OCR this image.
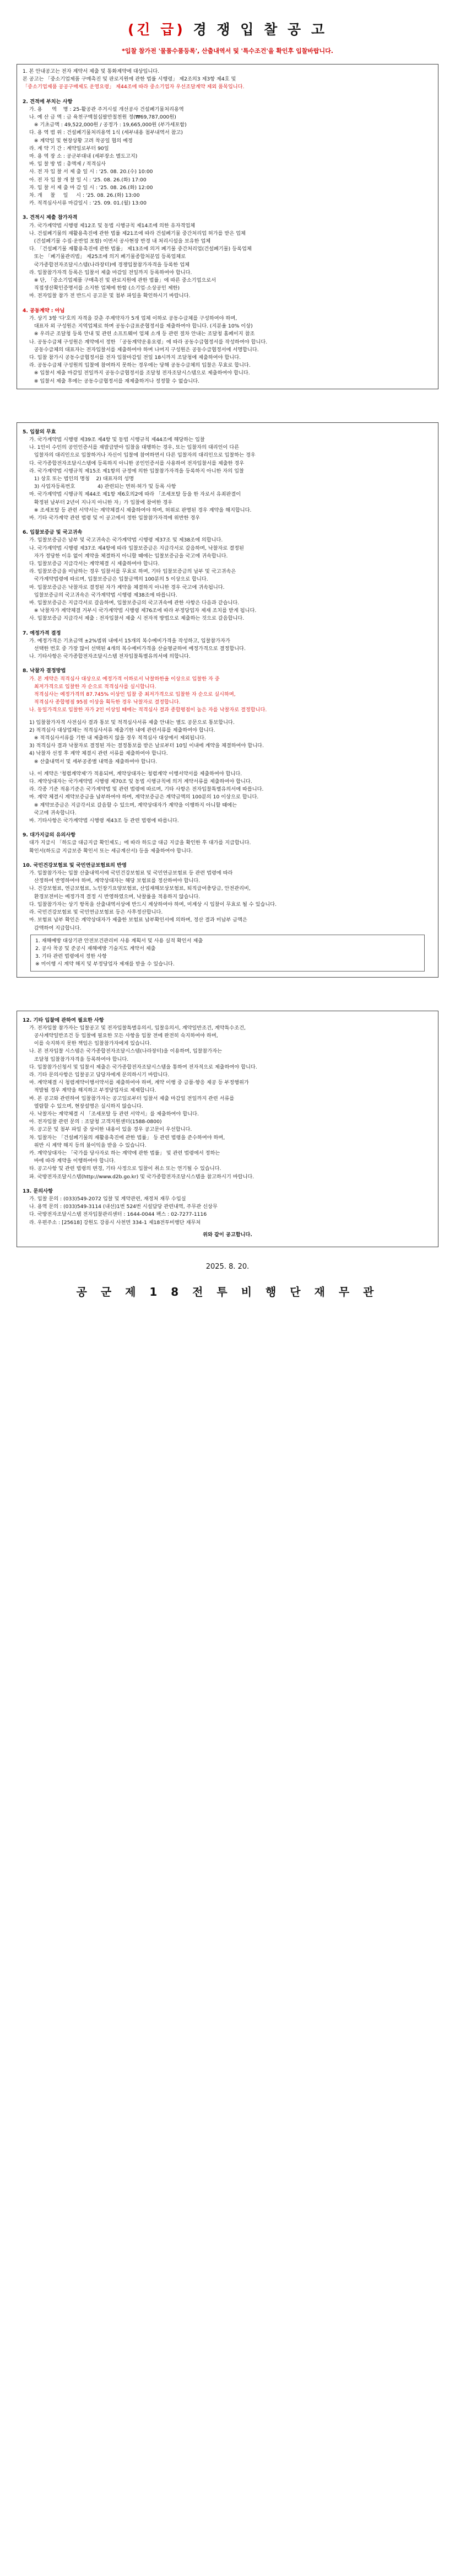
(긴 급) 경 쟁 입 찰 공 고
*입찰 참가전 '물품수품등록', 산출내역서 및 '특수조건'을 확인후 입찰바랍니다.
1. 본 안내공고는 전자 계약서 제출 및 통화계약에 대상입니다.
본 공고는 「중소기업제품 구매촉진 및 판로지원에 관한 법률 시행령」 제2조의3 제3항 제4호 및
「중소기업제품 공공구매제도 운영요령」 제44조에 따라 중소기업자 우선조달계약 제외 품목입니다.
2. 견적에 부치는 사항
가. 용      역    명 : 25-활공관 주거시설 개선공사 건설폐기물처리용역
나. 예 산 금 액 : 금 육천구백칠십팔만칠천원 정(₩69,787,000원)
※ 기초금액 : 49,522,000원 / 공정가 : 19,665,000원 (부가세포함)
다. 용 역 범 위 : 건설폐기물처리용역 1식 (세부내용 첨부내역서 참고)
※ 계약일 및 현장상황 고려 착공일 협의 예정
라. 계 약 기 간 : 계약일로부터 90일
마. 용 역 장 소 : 공군부대내 (세부장소 별도고지)
바. 입 찰 방 법 : 총액제 / 적격심사
사. 전 자 입 찰 서 제 출 일 시 : '25. 08. 20.(수) 10:00
아. 전 자 입 찰 개 찰 일 시 : '25. 08. 26.(화) 17:00
자. 입 찰 서 제 출 마 감 일 시 : '25. 08. 26.(화) 12:00
차. 개     찰     일     시 : '25. 08. 26.(화) 13:00
카. 적격심사서류 마감일시 : '25. 09. 01.(월) 13:00
3. 견적시 제출 참가자격
가. 국가계약법 시행령 제12조 및 동법 시행규칙 제14조에 의한 유자격업체
나. 건설폐기물의 재활용촉진에 관한 법률 제21조에 따라 건설폐기물 중간처리업 허가를 받은 업체
(건설폐기물 수집·운반업 포함) 이면서 공사현장 반경 내 처리시설을 보유한 업체
다. 「건설폐기물 재활용촉진에 관한 법률」 제13조에 의거 폐기물 중간처리업(건설폐기물) 등록업체
또는 「폐기물관리법」 제25조에 의거 폐기물종합처분업 등록업체로
국가종합전자조달시스템(나라장터)에 경쟁입찰참가자격을 등록한 업체
라. 입찰참가자격 등록은 입찰서 제출 마감일 전일까지 등록하여야 합니다.
※ 단, 「중소기업제품 구매촉진 및 판로지원에 관한 법률」에 따른 중소기업으로서
직접생산확인증명서를 소지한 업체에 한함 (소기업·소상공인 제한)
마. 전자입찰 참가 전 반드시 공고문 및 첨부 파일을 확인하시기 바랍니다.
4. 공동계약 : 아님
가. 상기 3항 '다'호의 자격을 갖춘 주계약자가 5개 업체 이하로 공동수급체를 구성하여야 하며,
대표자 외 구성원은 지역업체로 하며 공동수급표준협정서를 제출하여야 합니다. (지분율 10% 이상)
※ 우리군 조달청 등록 안내 및 관련 소프트웨어 업체 소개 등 관련 절차 안내는 조달청 홈페이지 참조
나. 공동수급체 구성원은 계약에서 정한 「공동계약운용요령」에 따라 공동수급협정서를 작성하여야 합니다.
공동수급체의 대표자는 전자입찰서를 제출하여야 하며 나머지 구성원은 공동수급협정서에 서명합니다.
다. 입찰 참가시 공동수급협정서를 전자 입찰마감일 전일 18시까지 조달청에 제출하여야 합니다.
라. 공동수급체 구성원의 입찰에 참여하지 못하는 경우에는 당해 공동수급체의 입찰은 무효로 합니다.
※ 입찰서 제출 마감일 전일까지 공동수급협정서를 조달청 전자조달시스템으로 제출하여야 합니다.
※ 입찰서 제출 후에는 공동수급협정서를 재제출하거나 정정할 수 없습니다.
5. 입찰의 무효
가. 국가계약법 시행령 제39조 제4항 및 동법 시행규칙 제44조에 해당하는 입찰
나. 1인이 수인의 공인인증서를 재발급받아 입찰을 대행하는 경우, 또는 입찰자의 대리인이 다른
입찰자의 대리인으로 입찰하거나 자신이 입찰에 참여하면서 다른 입찰자의 대리인으로 입찰하는 경우
다. 국가종합전자조달시스템에 등록하지 아니한 공인인증서를 사용하여 전자입찰서를 제출한 경우
라. 국가계약법 시행규칙 제15조 제1항의 규정에 의한 입찰참가자격을 등록하지 아니한 자의 입찰
1) 상호 또는 법인의 명칭    2) 대표자의 성명
3) 사업자등록번호              4) 관련되는 면허·허가 및 등록 사항
마. 국가계약법 시행규칙 제44조 제1항 제6호의2에 따라 「조세포탈 등을 한 자로서 유죄판결이
확정된 날부터 2년이 지나지 아니한 자」가 입찰에 참여한 경우
※ 조세포탈 등 관련 서약서는 계약체결시 제출하여야 하며, 허위로 판명된 경우 계약을 해지합니다.
바. 기타 국가계약 관련 법령 및 이 공고에서 정한 입찰참가자격에 위반한 경우
6. 입찰보증금 및 국고귀속
가. 입찰보증금은 납부 및 국고귀속은 국가계약법 시행령 제37조 및 제38조에 의합니다.
나. 국가계약법 시행령 제37조 제4항에 따라 입찰보증금은 지급각서로 갈음하며, 낙찰자로 결정된
자가 정당한 이유 없이 계약을 체결하지 아니할 때에는 입찰보증금을 국고에 귀속합니다.
다. 입찰보증금 지급각서는 계약체결 시 제출하여야 합니다.
라. 입찰보증금을 미납하는 경우 입찰서를 무효로 하며, 기타 입찰보증금의 납부 및 국고귀속은
국가계약법령에 따르며, 입찰보증금은 입찰금액의 100분의 5 이상으로 합니다.
마. 입찰보증금은 낙찰자로 결정된 자가 계약을 체결하지 아니한 경우 국고에 귀속됩니다.
입찰보증금의 국고귀속은 국가계약법 시행령 제38조에 따릅니다.
바. 입찰보증금은 지급각서로 갈음하며, 입찰보증금의 국고귀속에 관한 사항은 다음과 같습니다.
※ 낙찰자가 계약체결 거부시 국가계약법 시행령 제76조에 따라 부정당업자 제재 조치를 받게 됩니다.
사. 입찰보증금 지급각서 제출 : 전자입찰서 제출 시 전자적 방법으로 제출하는 것으로 갈음합니다.
7. 예정가격 결정
가. 예정가격은 기초금액 ±2%범위 내에서 15개의 복수예비가격을 작성하고, 입찰참가자가
선택한 번호 중 가장 많이 선택된 4개의 복수예비가격을 산술평균하여 예정가격으로 결정합니다.
나. 기타사항은 국가종합전자조달시스템 전자입찰특별유의서에 의합니다.
8. 낙찰자 결정방법
가. 본 계약은 적격심사 대상으로 예정가격 이하로서 낙찰하한율 이상으로 입찰한 자 중
최저가격으로 입찰한 자 순으로 적격심사를 실시합니다.
적격심사는 예정가격의 87.745% 이상인 입찰 중 최저가격으로 입찰한 자 순으로 실시하며,
적격심사 종합평점 95점 이상을 획득한 경우 낙찰자로 결정합니다.
나. 동일가격으로 입찰한 자가 2인 이상일 때에는 적격심사 결과 종합평점이 높은 자를 낙찰자로 결정합니다.
1) 입찰참가자격 사전심사 결과 통보 및 적격심사서류 제출 안내는 별도 공문으로 통보합니다.
2) 적격심사 대상업체는 적격심사서류 제출기한 내에 관련서류를 제출하여야 합니다.
※ 적격심사서류를 기한 내 제출하지 않을 경우 적격심사 대상에서 제외됩니다.
3) 적격심사 결과 낙찰자로 결정된 자는 결정통보를 받은 날로부터 10일 이내에 계약을 체결하여야 합니다.
4) 낙찰자 선정 후 계약 체결시 관련 서류를 제출하여야 합니다.
※ 산출내역서 및 세부공종별 내역을 제출하여야 합니다.
나. 이 계약은 '청렴계약제'가 적용되며, 계약상대자는 청렴계약 이행서약서를 제출하여야 합니다.
다. 계약상대자는 국가계약법 시행령 제70조 및 동법 시행규칙에 의거 계약서류를 제출하여야 합니다.
라. 각종 기준 적용기준은 국가계약법 및 관련 법령에 따르며, 기타 사항은 전자입찰특별유의서에 따릅니다.
마. 계약 체결시 계약보증금을 납부하여야 하며, 계약보증금은 계약금액의 100분의 10 이상으로 합니다.
※ 계약보증금은 지급각서로 갈음할 수 있으며, 계약상대자가 계약을 이행하지 아니할 때에는
국고에 귀속합니다.
바. 기타사항은 국가계약법 시행령 제43조 등 관련 법령에 따릅니다.
9. 대가지급의 유의사항
대가 지급시 「하도급 대금지급 확인제도」에 따라 하도급 대금 지급을 확인한 후 대가를 지급합니다.
확인서(하도급 지급보증 확인서 또는 세금계산서) 등을 제출하여야 합니다.
10. 국민건강보험료 및 국민연금보험료의 반영
가. 입찰참가자는 입찰 산출내역서에 국민건강보험료 및 국민연금보험료 등 관련 법령에 따라
산정하여 반영하여야 하며, 계약상대자는 해당 보험료를 정산하여야 합니다.
나. 건강보험료, 연금보험료, 노인장기요양보험료, 산업재해보상보험료, 퇴직급여충당금, 안전관리비,
환경보전비는 예정가격 결정 시 반영하였으며, 낙찰률을 적용하지 않습니다.
다. 입찰참가자는 상기 항목을 산출내역서상에 반드시 계상하여야 하며, 미계상 시 입찰이 무효로 될 수 있습니다.
라. 국민건강보험료 및 국민연금보험료 등은 사후정산합니다.
마. 보험료 납부 확인은 계약상대자가 제출한 보험료 납부확인서에 의하며, 정산 결과 미납부 금액은
감액하여 지급합니다.
1. 재해예방 대상기관 안전보건관리비 사용 계획서 및 사용 실적 확인서 제출
2. 공사 착공 및 준공시 재해예방 기술지도 계약서 제출
3. 기타 관련 법령에서 정한 사항
※ 미이행 시 계약 해지 및 부정당업자 제재를 받을 수 있습니다.
12. 기타 입찰에 관하여 필요한 사항
가. 전자입찰 참가자는 입찰공고 및 전자입찰특별유의서, 입찰유의서, 계약일반조건, 계약특수조건,
공사계약일반조건 등 입찰에 필요한 모든 사항을 입찰 전에 완전히 숙지하여야 하며,
이를 숙지하지 못한 책임은 입찰참가자에게 있습니다.
나. 본 전자입찰 시스템은 국가종합전자조달시스템(나라장터)을 이용하며, 입찰참가자는
조달청 입찰참가자격을 등록하여야 합니다.
다. 입찰참가신청서 및 입찰서 제출은 국가종합전자조달시스템을 통하여 전자적으로 제출하여야 합니다.
라. 기타 문의사항은 입찰공고 담당자에게 문의하시기 바랍니다.
마. 계약체결 시 청렴계약이행서약서를 제출하여야 하며, 계약 이행 중 금품·향응 제공 등 부정행위가
적발될 경우 계약을 해지하고 부정당업자로 제재합니다.
바. 본 공고와 관련하여 입찰참가자는 공고일로부터 입찰서 제출 마감일 전일까지 관련 서류를
열람할 수 있으며, 현장설명은 실시하지 않습니다.
사. 낙찰자는 계약체결 시 「조세포탈 등 관련 서약서」를 제출하여야 합니다.
아. 전자입찰 관련 문의 : 조달청 고객지원센터(1588-0800)
자. 공고문 및 첨부 파일 중 상이한 내용이 있을 경우 공고문이 우선합니다.
차. 입찰자는 「건설폐기물의 재활용촉진에 관한 법률」 등 관련 법령을 준수하여야 하며,
위반 시 계약 해지 등의 불이익을 받을 수 있습니다.
카. 계약상대자는 「국가를 당사자로 하는 계약에 관한 법률」 및 관련 법령에서 정하는
바에 따라 계약을 이행하여야 합니다.
타. 공고사항 및 관련 법령의 변경, 기타 사정으로 입찰이 취소 또는 연기될 수 있습니다.
파. 국방전자조달시스템(http://www.d2b.go.kr) 및 국가종합전자조달시스템을 참고하시기 바랍니다.
13. 문의사항
가. 입찰 문의 : (033)549-2072 입찰 및 계약관련, 재정처 재무 수입실
나. 용역 문의 : (033)549-3114 (내선)1번 524번 시설담당 관련내역, 주무관 신상무
다. 국방전자조달시스템 전자입찰관리센터 : 1644-0044 팩스 : 02-7277-1116
라. 우편주소 : [25618] 강원도 강릉시 사천면 334-1 제18전투비행단 재무처
위와 같이 공고합니다.
2025. 8. 20.
공 군 제 1 8 전 투 비 행 단 재 무 관
